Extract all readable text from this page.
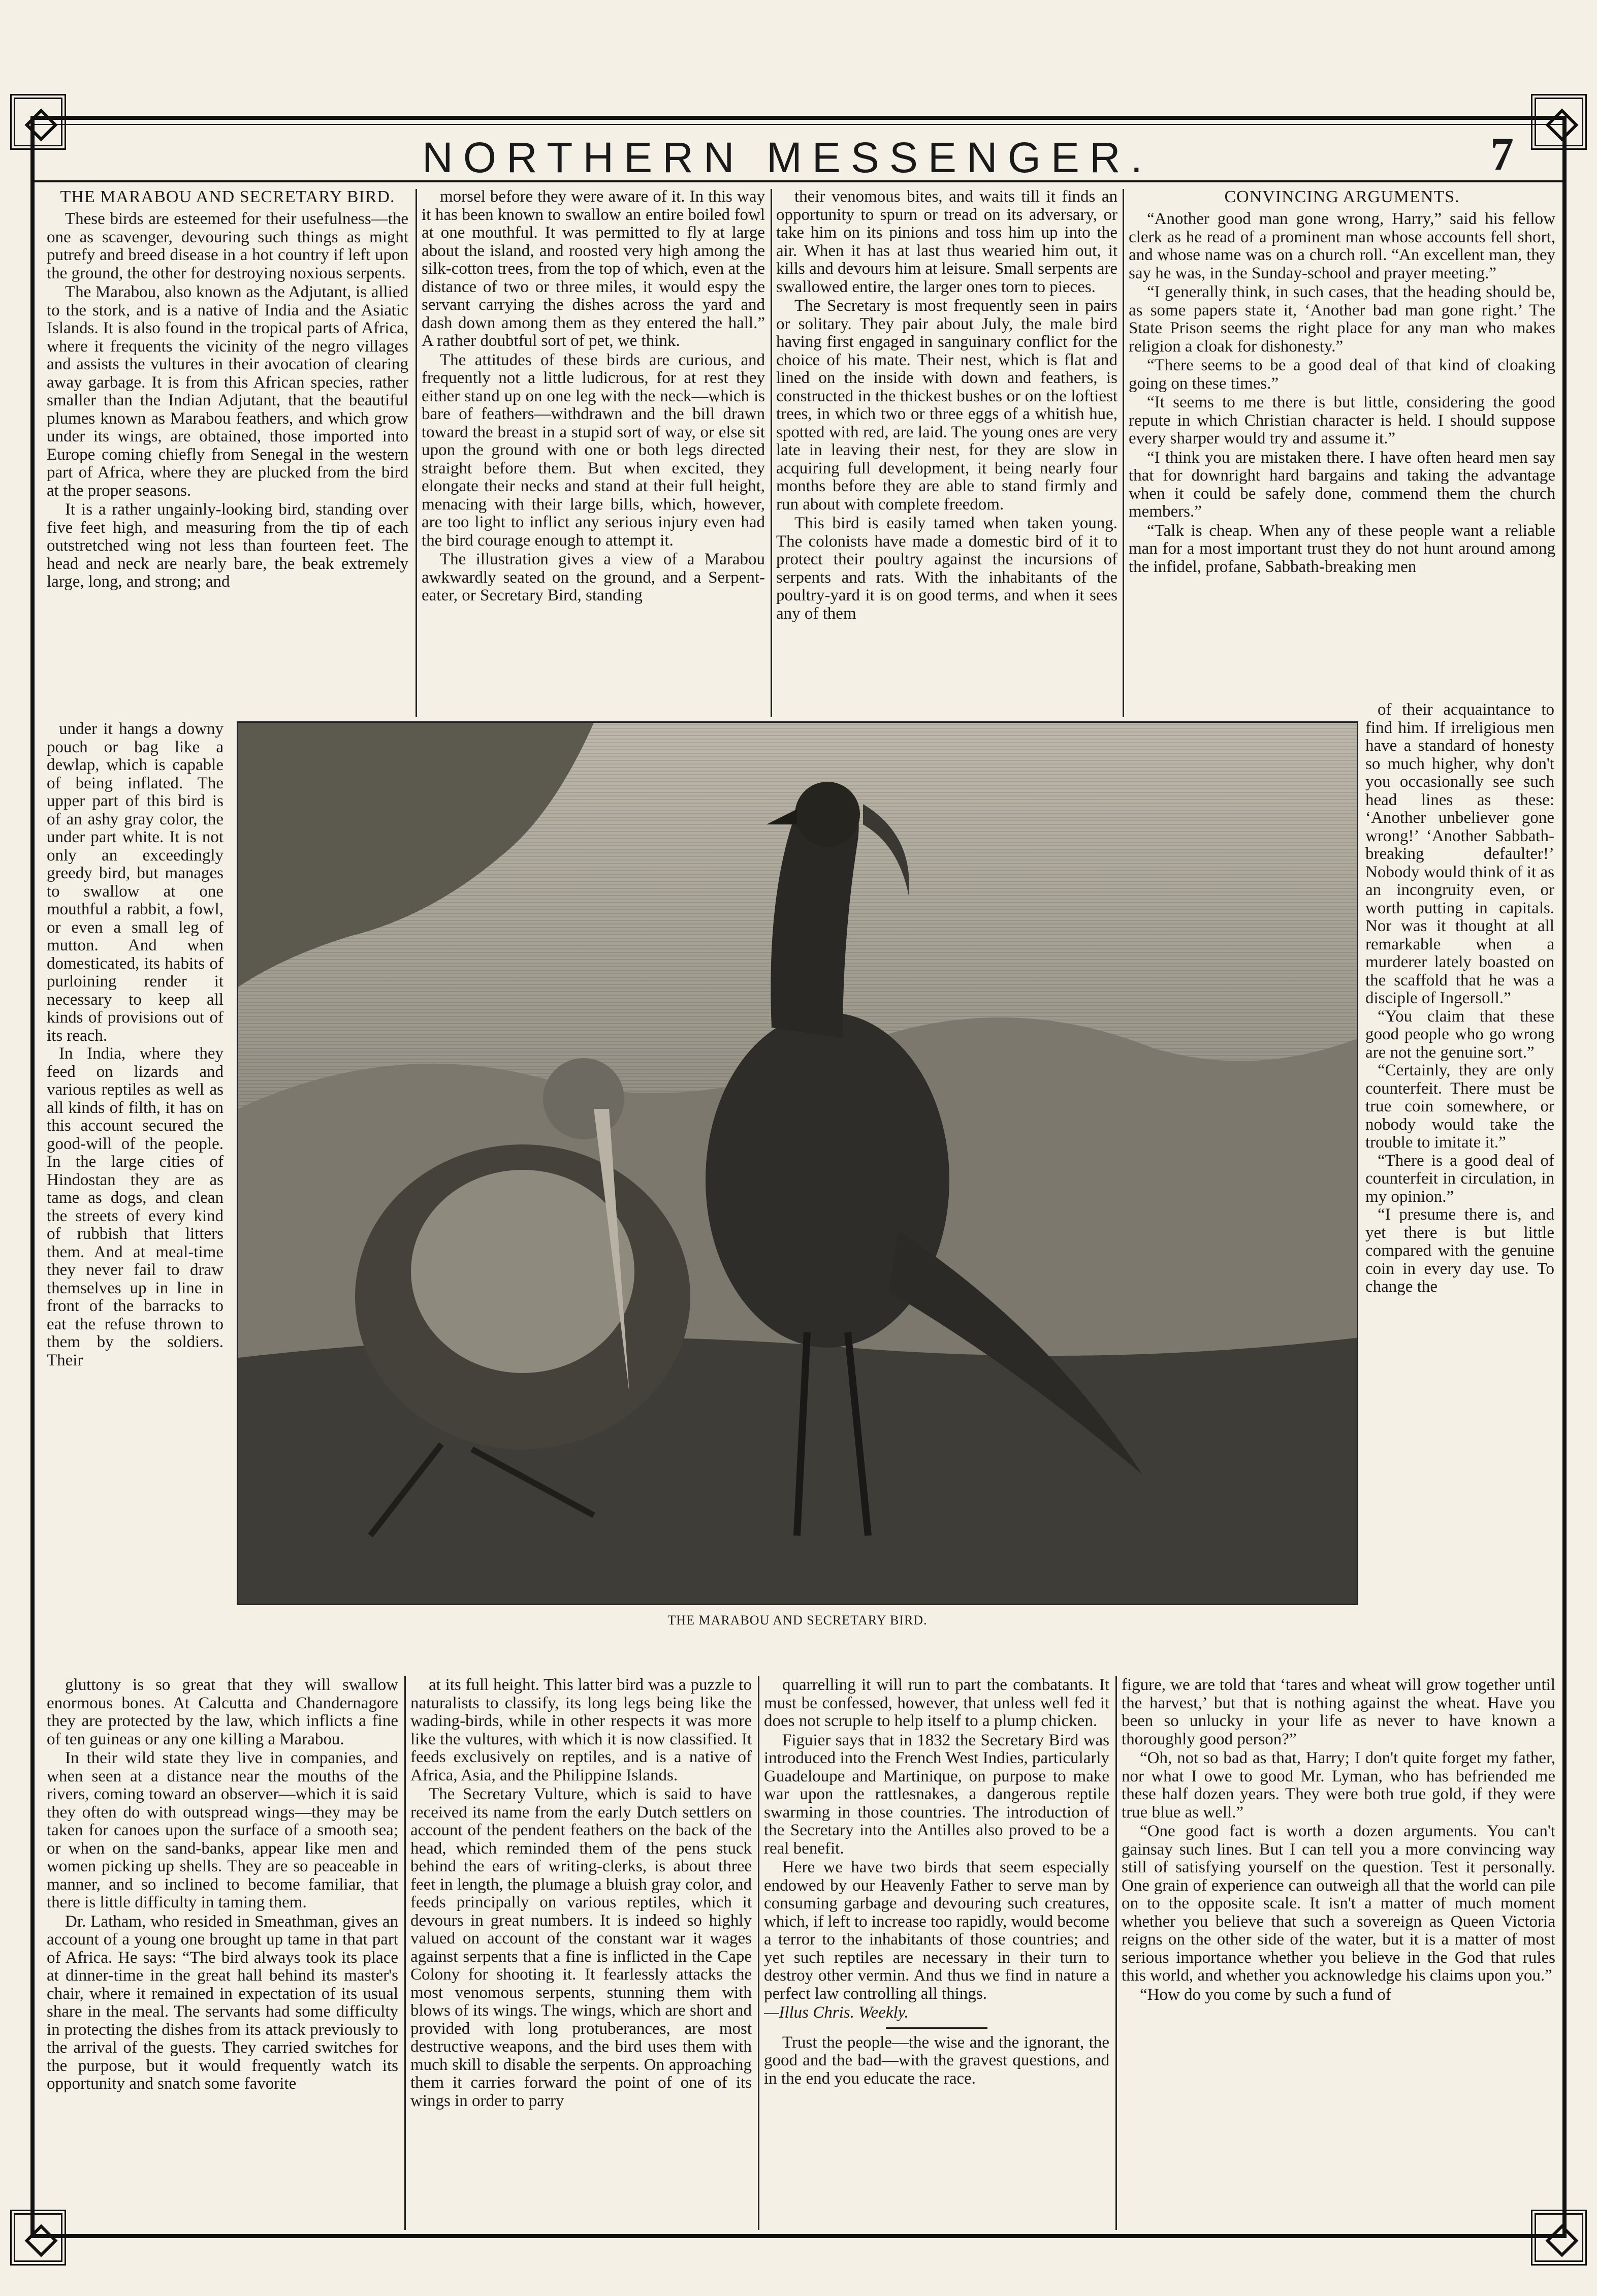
NORTHERN MESSENGER.	7
THE MARABOU AND SECRETARY BIRD.

These birds are esteemed for their usefulness—the one as scavenger, devouring such things as might putrefy and breed disease in a hot country if left upon the ground, the other for destroying noxious serpents.

The Marabou, also known as the Adjutant, is allied to the stork, and is a native of India and the Asiatic Islands. It is also found in the tropical parts of Africa, where it frequents the vicinity of the negro villages and assists the vultures in their avocation of clearing away garbage. It is from this African species, rather smaller than the Indian Adjutant, that the beautiful plumes known as Marabou feathers, and which grow under its wings, are obtained, those imported into Europe coming chiefly from Senegal in the western part of Africa, where they are plucked from the bird at the proper seasons.

It is a rather ungainly-looking bird, standing over five feet high, and measuring from the tip of each outstretched wing not less than fourteen feet. The head and neck are nearly bare, the beak extremely large, long, and strong; and

under it hangs a downy pouch or bag like a dewlap, which is capable of being inflated. The upper part of this bird is of an ashy gray color, the under part white. It is not only an exceedingly greedy bird, but manages to swallow at one mouthful a rabbit, a fowl, or even a small leg of mutton. And when domesticated, its habits of purloining render it necessary to keep all kinds of provisions out of its reach.

In India, where they feed on lizards and various reptiles as well as all kinds of filth, it has on this account secured the good-will of the people. In the large cities of Hindostan they are as tame as dogs, and clean the streets of every kind of rubbish that litters them. And at meal-time they never fail to draw themselves up in line in front of the barracks to eat the refuse thrown to them by the soldiers. Their

morsel before they were aware of it. In this way it has been known to swallow an entire boiled fowl at one mouthful. It was permitted to fly at large about the island, and roosted very high among the silk-cotton trees, from the top of which, even at the distance of two or three miles, it would espy the servant carrying the dishes across the yard and dash down among them as they entered the hall.” A rather doubtful sort of pet, we think.

The attitudes of these birds are curious, and frequently not a little ludicrous, for at rest they either stand up on one leg with the neck—which is bare of feathers—withdrawn and the bill drawn toward the breast in a stupid sort of way, or else sit upon the ground with one or both legs directed straight before them. But when excited, they elongate their necks and stand at their full height, menacing with their large bills, which, however, are too light to inflict any serious injury even had the bird courage enough to attempt it.

The illustration gives a view of a Marabou awkwardly seated on the ground, and a Serpent-eater, or Secretary Bird, standing

their venomous bites, and waits till it finds an opportunity to spurn or tread on its adversary, or take him on its pinions and toss him up into the air. When it has at last thus wearied him out, it kills and devours him at leisure. Small serpents are swallowed entire, the larger ones torn to pieces.

The Secretary is most frequently seen in pairs or solitary. They pair about July, the male bird having first engaged in sanguinary conflict for the choice of his mate. Their nest, which is flat and lined on the inside with down and feathers, is constructed in the thickest bushes or on the loftiest trees, in which two or three eggs of a whitish hue, spotted with red, are laid. The young ones are very late in leaving their nest, for they are slow in acquiring full development, it being nearly four months before they are able to stand firmly and run about with complete freedom.

This bird is easily tamed when taken young. The colonists have made a domestic bird of it to protect their poultry against the incursions of serpents and rats. With the inhabitants of the poultry-yard it is on good terms, and when it sees any of them

CONVINCING ARGUMENTS.

“Another good man gone wrong, Harry,” said his fellow clerk as he read of a prominent man whose accounts fell short, and whose name was on a church roll. “An excellent man, they say he was, in the Sunday-school and prayer meeting.”

“I generally think, in such cases, that the heading should be, as some papers state it, ‘Another bad man gone right.’ The State Prison seems the right place for any man who makes religion a cloak for dishonesty.”

“There seems to be a good deal of that kind of cloaking going on these times.”

“It seems to me there is but little, considering the good repute in which Christian character is held. I should suppose every sharper would try and assume it.”

“I think you are mistaken there. I have often heard men say that for downright hard bargains and taking the advantage when it could be safely done, commend them the church members.”

“Talk is cheap. When any of these people want a reliable man for a most important trust they do not hunt around among the infidel, profane, Sabbath-breaking men

of their acquaintance to find him. If irreligious men have a standard of honesty so much higher, why don't you occasionally see such head lines as these: ‘Another unbeliever gone wrong!’ ‘Another Sabbath-breaking defaulter!’ Nobody would think of it as an incongruity even, or worth putting in capitals. Nor was it thought at all remarkable when a murderer lately boasted on the scaffold that he was a disciple of Ingersoll.”

“You claim that these good people who go wrong are not the genuine sort.”

“Certainly, they are only counterfeit. There must be true coin somewhere, or nobody would take the trouble to imitate it.”

“There is a good deal of counterfeit in circulation, in my opinion.”

“I presume there is, and yet there is but little compared with the genuine coin in every day use. To change the

THE MARABOU AND SECRETARY BIRD.

gluttony is so great that they will swallow enormous bones. At Calcutta and Chandernagore they are protected by the law, which inflicts a fine of ten guineas or any one killing a Marabou.

In their wild state they live in companies, and when seen at a distance near the mouths of the rivers, coming toward an observer—which it is said they often do with outspread wings—they may be taken for canoes upon the surface of a smooth sea; or when on the sand-banks, appear like men and women picking up shells. They are so peaceable in manner, and so inclined to become familiar, that there is little difficulty in taming them.

Dr. Latham, who resided in Smeathman, gives an account of a young one brought up tame in that part of Africa. He says: “The bird always took its place at dinner-time in the great hall behind its master's chair, where it remained in expectation of its usual share in the meal. The servants had some difficulty in protecting the dishes from its attack previously to the arrival of the guests. They carried switches for the purpose, but it would frequently watch its opportunity and snatch some favorite

at its full height. This latter bird was a puzzle to naturalists to classify, its long legs being like the wading-birds, while in other respects it was more like the vultures, with which it is now classified. It feeds exclusively on reptiles, and is a native of Africa, Asia, and the Philippine Islands.

The Secretary Vulture, which is said to have received its name from the early Dutch settlers on account of the pendent feathers on the back of the head, which reminded them of the pens stuck behind the ears of writing-clerks, is about three feet in length, the plumage a bluish gray color, and feeds principally on various reptiles, which it devours in great numbers. It is indeed so highly valued on account of the constant war it wages against serpents that a fine is inflicted in the Cape Colony for shooting it. It fearlessly attacks the most venomous serpents, stunning them with blows of its wings. The wings, which are short and provided with long protuberances, are most destructive weapons, and the bird uses them with much skill to disable the serpents. On approaching them it carries forward the point of one of its wings in order to parry

quarrelling it will run to part the combatants. It must be confessed, however, that unless well fed it does not scruple to help itself to a plump chicken.

Figuier says that in 1832 the Secretary Bird was introduced into the French West Indies, particularly Guadeloupe and Martinique, on purpose to make war upon the rattlesnakes, a dangerous reptile swarming in those countries. The introduction of the Secretary into the Antilles also proved to be a real benefit.

Here we have two birds that seem especially endowed by our Heavenly Father to serve man by consuming garbage and devouring such creatures, which, if left to increase too rapidly, would become a terror to the inhabitants of those countries; and yet such reptiles are necessary in their turn to destroy other vermin. And thus we find in nature a perfect law controlling all things.

—Illus Chris. Weekly.

Trust the people—the wise and the ignorant, the good and the bad—with the gravest questions, and in the end you educate the race.

figure, we are told that ‘tares and wheat will grow together until the harvest,’ but that is nothing against the wheat. Have you been so unlucky in your life as never to have known a thoroughly good person?”

“Oh, not so bad as that, Harry; I don't quite forget my father, nor what I owe to good Mr. Lyman, who has befriended me these half dozen years. They were both true gold, if they were true blue as well.”

“One good fact is worth a dozen arguments. You can't gainsay such lines. But I can tell you a more convincing way still of satisfying yourself on the question. Test it personally. One grain of experience can outweigh all that the world can pile on to the opposite scale. It isn't a matter of much moment whether you believe that such a sovereign as Queen Victoria reigns on the other side of the water, but it is a matter of most serious importance whether you believe in the God that rules this world, and whether you acknowledge his claims upon you.”

“How do you come by such a fund of
